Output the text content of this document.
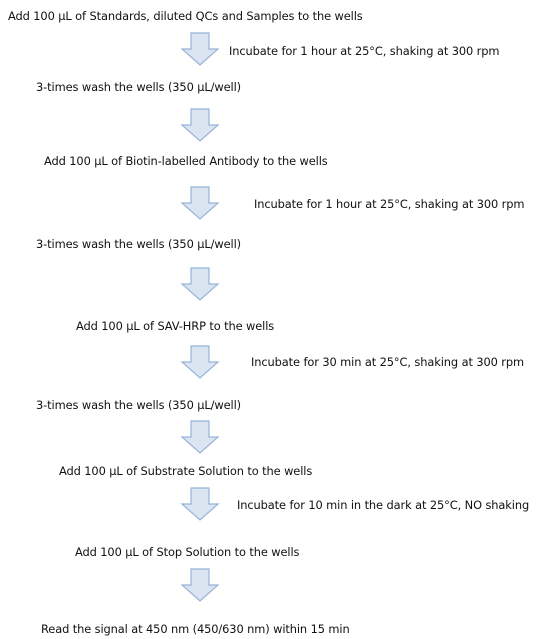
Add 100 µL of Standards, diluted QCs and Samples to the wells
3-times wash the wells (350 µL/well)
Add 100 µL of Biotin-labelled Antibody to the wells
3-times wash the wells (350 µL/well)
Add 100 µL of SAV-HRP to the wells
3-times wash the wells (350 µL/well)
Add 100 µL of Substrate Solution to the wells
Add 100 µL of Stop Solution to the wells
Read the signal at 450 nm (450/630 nm) within 15 min
Incubate for 1 hour at 25°C, shaking at 300 rpm
Incubate for 1 hour at 25°C, shaking at 300 rpm
Incubate for 30 min at 25°C, shaking at 300 rpm
Incubate for 10 min in the dark at 25°C, NO shaking
